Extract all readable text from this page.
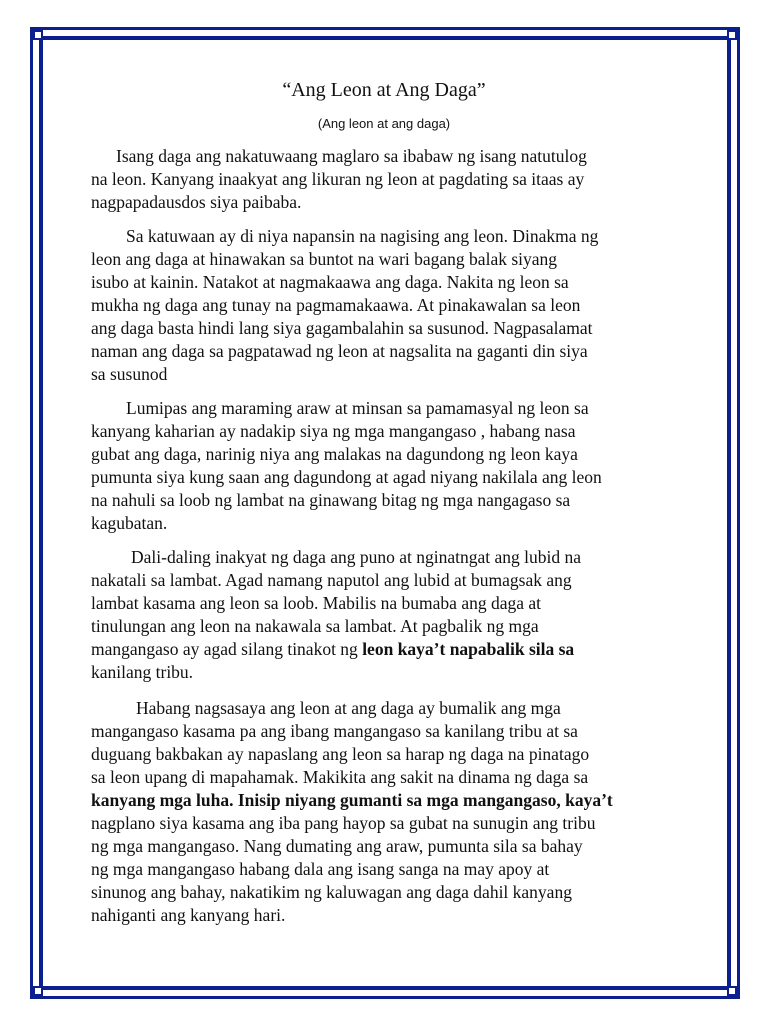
“Ang Leon at Ang Daga”
(Ang leon at ang daga)
Isang daga ang nakatuwaang maglaro sa ibabaw ng isang natutulog
na leon. Kanyang inaakyat ang likuran ng leon at pagdating sa itaas ay
nagpapadausdos siya paibaba.
Sa katuwaan ay di niya napansin na nagising ang leon. Dinakma ng
leon ang daga at hinawakan sa buntot na wari bagang balak siyang
isubo at kainin. Natakot at nagmakaawa ang daga. Nakita ng leon sa
mukha ng daga ang tunay na pagmamakaawa. At pinakawalan sa leon
ang daga basta hindi lang siya gagambalahin sa susunod. Nagpasalamat
naman ang daga sa pagpatawad ng leon at nagsalita na gaganti din siya
sa susunod
Lumipas ang maraming araw at minsan sa pamamasyal ng leon sa
kanyang kaharian ay nadakip siya ng mga mangangaso , habang nasa
gubat ang daga, narinig niya ang malakas na dagundong ng leon kaya
pumunta siya kung saan ang dagundong at agad niyang nakilala ang leon
na nahuli sa loob ng lambat na ginawang bitag ng mga nangagaso sa
kagubatan.
Dali-daling inakyat ng daga ang puno at nginatngat ang lubid na
nakatali sa lambat. Agad namang naputol ang lubid at bumagsak ang
lambat kasama ang leon sa loob. Mabilis na bumaba ang daga at
tinulungan ang leon na nakawala sa lambat. At pagbalik ng mga
mangangaso ay agad silang tinakot ng leon kaya’t napabalik sila sa
kanilang tribu.
Habang nagsasaya ang leon at ang daga ay bumalik ang mga
mangangaso kasama pa ang ibang mangangaso sa kanilang tribu at sa
duguang bakbakan ay napaslang ang leon sa harap ng daga na pinatago
sa leon upang di mapahamak. Makikita ang sakit na dinama ng daga sa
kanyang mga luha. Inisip niyang gumanti sa mga mangangaso, kaya’t
nagplano siya kasama ang iba pang hayop sa gubat na sunugin ang tribu
ng mga mangangaso. Nang dumating ang araw, pumunta sila sa bahay
ng mga mangangaso habang dala ang isang sanga na may apoy at
sinunog ang bahay, nakatikim ng kaluwagan ang daga dahil kanyang
nahiganti ang kanyang hari.
